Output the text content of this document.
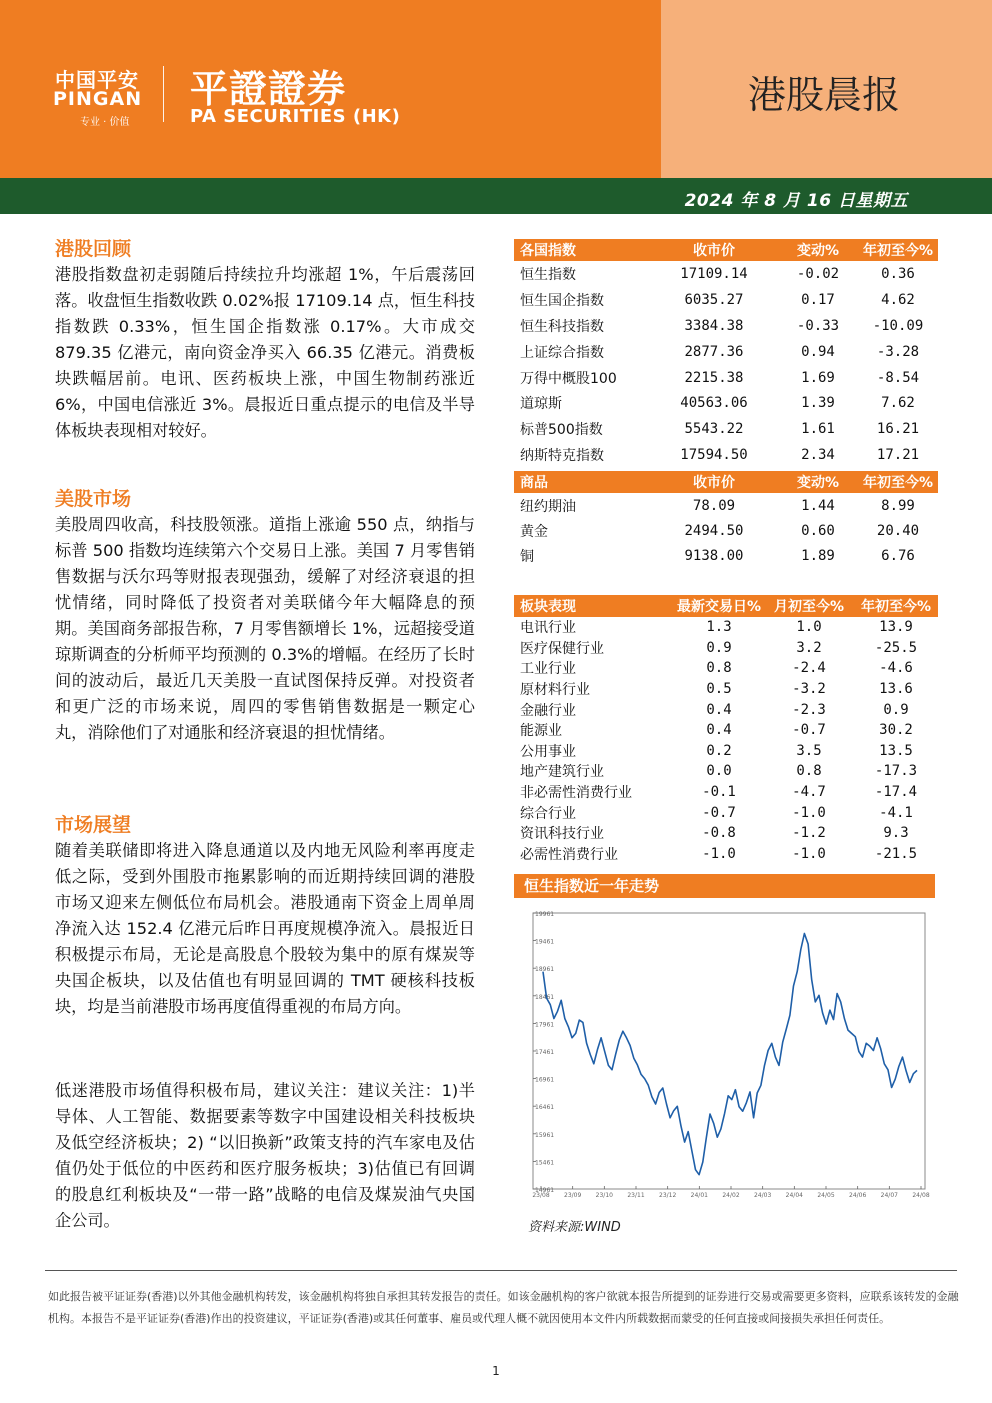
中国平安
PINGAN
专业 · 价值
平證證券
PA SECURITIES (HK)	港股晨报
2024 年 8 月 16 日星期五
港股回顾
港股指数盘初走弱随后持续拉升均涨超 1%，午后震荡回落。收盘恒生指数收跌 0.02%报 17109.14 点，恒生科技指数跌 0.33%，恒生国企指数涨 0.17%。大市成交 879.35 亿港元，南向资金净买入 66.35 亿港元。消费板块跌幅居前。电讯、医药板块上涨，中国生物制药涨近 6%，中国电信涨近 3%。晨报近日重点提示的电信及半导体板块表现相对较好。
美股市场
美股周四收高，科技股领涨。道指上涨逾 550 点，纳指与标普 500 指数均连续第六个交易日上涨。美国 7 月零售销售数据与沃尔玛等财报表现强劲，缓解了对经济衰退的担忧情绪，同时降低了投资者对美联储今年大幅降息的预期。美国商务部报告称，7 月零售额增长 1%，远超接受道琼斯调查的分析师平均预测的 0.3%的增幅。在经历了长时间的波动后，最近几天美股一直试图保持反弹。对投资者和更广泛的市场来说，周四的零售销售数据是一颗定心丸，消除他们了对通胀和经济衰退的担忧情绪。
市场展望
随着美联储即将进入降息通道以及内地无风险利率再度走低之际，受到外围股市拖累影响的而近期持续回调的港股市场又迎来左侧低位布局机会。港股通南下资金上周单周净流入达 152.4 亿港元后昨日再度规模净流入。晨报近日积极提示布局，无论是高股息个股较为集中的原有煤炭等央国企板块，以及估值也有明显回调的 TMT 硬核科技板块，均是当前港股市场再度值得重视的布局方向。
低迷港股市场值得积极布局，建议关注：建议关注：1)半导体、人工智能、数据要素等数字中国建设相关科技板块及低空经济板块；2) “以旧换新”政策支持的汽车家电及估值仍处于低位的中医药和医疗服务板块；3)估值已有回调的股息红利板块及“一带一路”战略的电信及煤炭油气央国企公司。
各国指数	收市价	变动%	年初至今%
恒生指数	17109.14	-0.02	0.36
恒生国企指数	6035.27	0.17	4.62
恒生科技指数	3384.38	-0.33	-10.09
上证综合指数	2877.36	0.94	-3.28
万得中概股100	2215.38	1.69	-8.54
道琼斯	40563.06	1.39	7.62
标普500指数	5543.22	1.61	16.21
纳斯特克指数	17594.50	2.34	17.21
商品	收市价	变动%	年初至今%
纽约期油	78.09	1.44	8.99
黄金	2494.50	0.60	20.40
铜	9138.00	1.89	6.76
板块表现	最新交易日%	月初至今%	年初至今%
电讯行业	1.3	1.0	13.9
医疗保健行业	0.9	3.2	-25.5
工业行业	0.8	-2.4	-4.6
原材料行业	0.5	-3.2	13.6
金融行业	0.4	-2.3	0.9
能源业	0.4	-0.7	30.2
公用事业	0.2	3.5	13.5
地产建筑行业	0.0	0.8	-17.3
非必需性消费行业	-0.1	-4.7	-17.4
综合行业	-0.7	-1.0	-4.1
资讯科技行业	-0.8	-1.2	9.3
必需性消费行业	-1.0	-1.0	-21.5
恒生指数近一年走势
14961
15461
15961
16461
16961
17461
17961
18461
18961
19461
19961
23/08 23/09 23/10 23/11 23/12 24/01 24/02 24/03 24/04 24/05 24/06 24/07 24/08
资料来源:WIND
如此报告被平证证券(香港)以外其他金融机构转发，该金融机构将独自承担其转发报告的责任。如该金融机构的客户欲就本报告所提到的证券进行交易或需要更多资料，应联系该转发的金融机构。本报告不是平证证券(香港)作出的投资建议，平证证券(香港)或其任何董事、雇员或代理人概不就因使用本文件内所载数据而蒙受的任何直接或间接损失承担任何责任。
1
